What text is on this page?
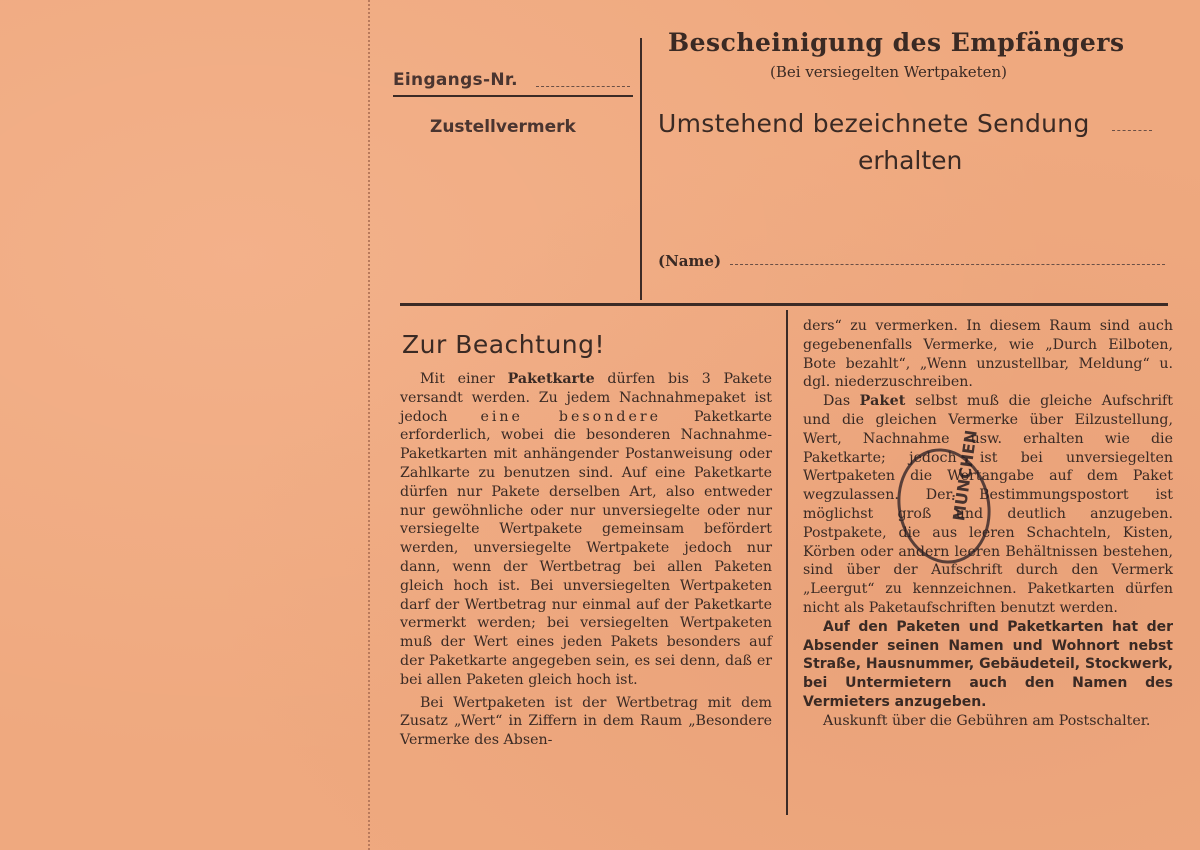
Eingangs-Nr.
Zustellvermerk
Bescheinigung des Empfängers
(Bei versiegelten Wertpaketen)
Umstehend bezeichnete Sendung
erhalten
(Name)
Zur Beachtung!

Mit einer Paketkarte dürfen bis 3 Pakete versandt werden. Zu jedem Nachnahmepaket ist jedoch eine besondere Paketkarte erforderlich, wobei die besonderen Nachnahme-Paketkarten mit anhängender Postanweisung oder Zahlkarte zu benutzen sind. Auf eine Paketkarte dürfen nur Pakete derselben Art, also entweder nur gewöhnliche oder nur unversiegelte oder nur versiegelte Wertpakete gemeinsam befördert werden, unversiegelte Wertpakete jedoch nur dann, wenn der Wertbetrag bei allen Paketen gleich hoch ist. Bei unversiegelten Wertpaketen darf der Wertbetrag nur einmal auf der Paketkarte vermerkt werden; bei versiegelten Wertpaketen muß der Wert eines jeden Pakets besonders auf der Paketkarte angegeben sein, es sei denn, daß er bei allen Paketen gleich hoch ist.

Bei Wertpaketen ist der Wertbetrag mit dem Zusatz „Wert“ in Ziffern in dem Raum „Besondere Vermerke des Absen-

ders“ zu vermerken. In diesem Raum sind auch gegebenenfalls Vermerke, wie „Durch Eilboten, Bote bezahlt“, „Wenn unzustellbar, Meldung“ u. dgl. niederzuschreiben.

Das Paket selbst muß die gleiche Aufschrift und die gleichen Vermerke über Eilzustellung, Wert, Nachnahme usw. erhalten wie die Paketkarte; jedoch ist bei unversiegelten Wertpaketen die Wertangabe auf dem Paket wegzulassen. Der Bestimmungspostort ist möglichst groß und deutlich anzugeben. Postpakete, die aus leeren Schachteln, Kisten, Körben oder andern leeren Behältnissen bestehen, sind über der Aufschrift durch den Vermerk „Leergut“ zu kennzeichnen. Paketkarten dürfen nicht als Paketaufschriften benutzt werden.

Auf den Paketen und Paketkarten hat der Absender seinen Namen und Wohnort nebst Straße, Hausnummer, Gebäudeteil, Stockwerk, bei Untermietern auch den Namen des Vermieters anzugeben.

Auskunft über die Gebühren am Postschalter.

MÜNCHEN
